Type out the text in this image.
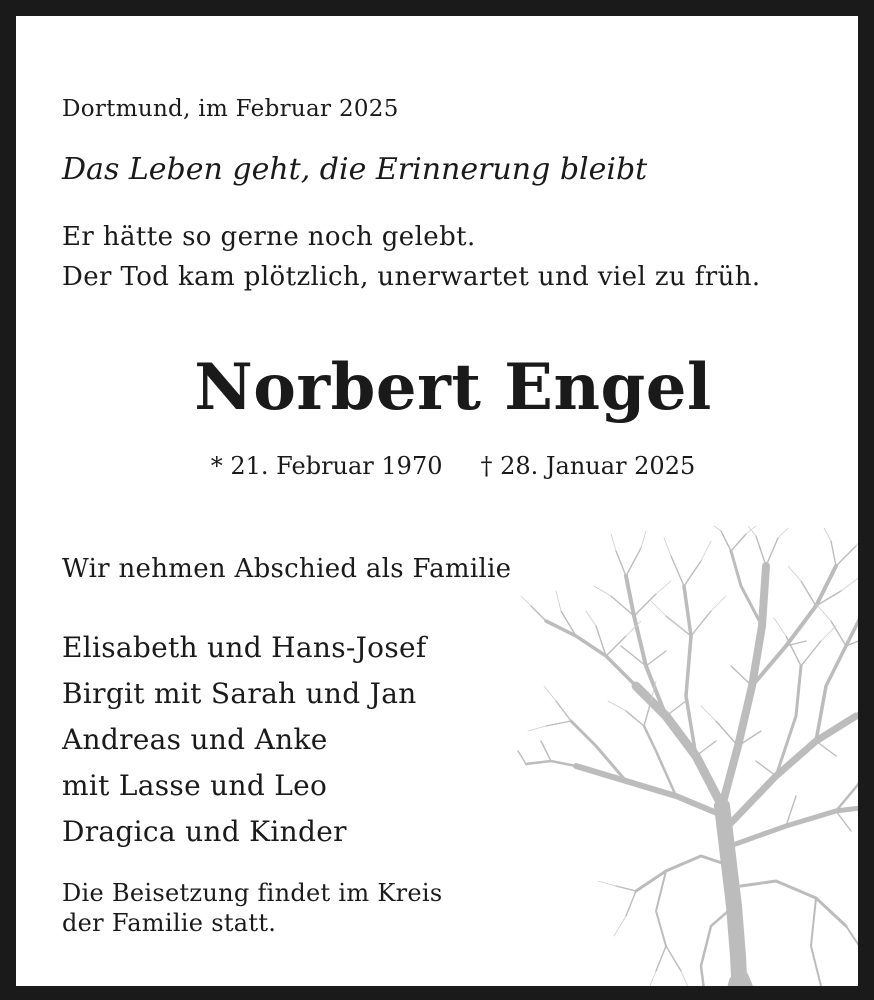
Dortmund, im Februar 2025
Das Leben geht, die Erinnerung bleibt
Er hätte so gerne noch gelebt.
Der Tod kam plötzlich, unerwartet und viel zu früh.
Norbert Engel
* 21. Februar 1970 † 28. Januar 2025
Wir nehmen Abschied als Familie
Elisabeth und Hans-Josef
Birgit mit Sarah und Jan
Andreas und Anke
mit Lasse und Leo
Dragica und Kinder
Die Beisetzung findet im Kreis
der Familie statt.
